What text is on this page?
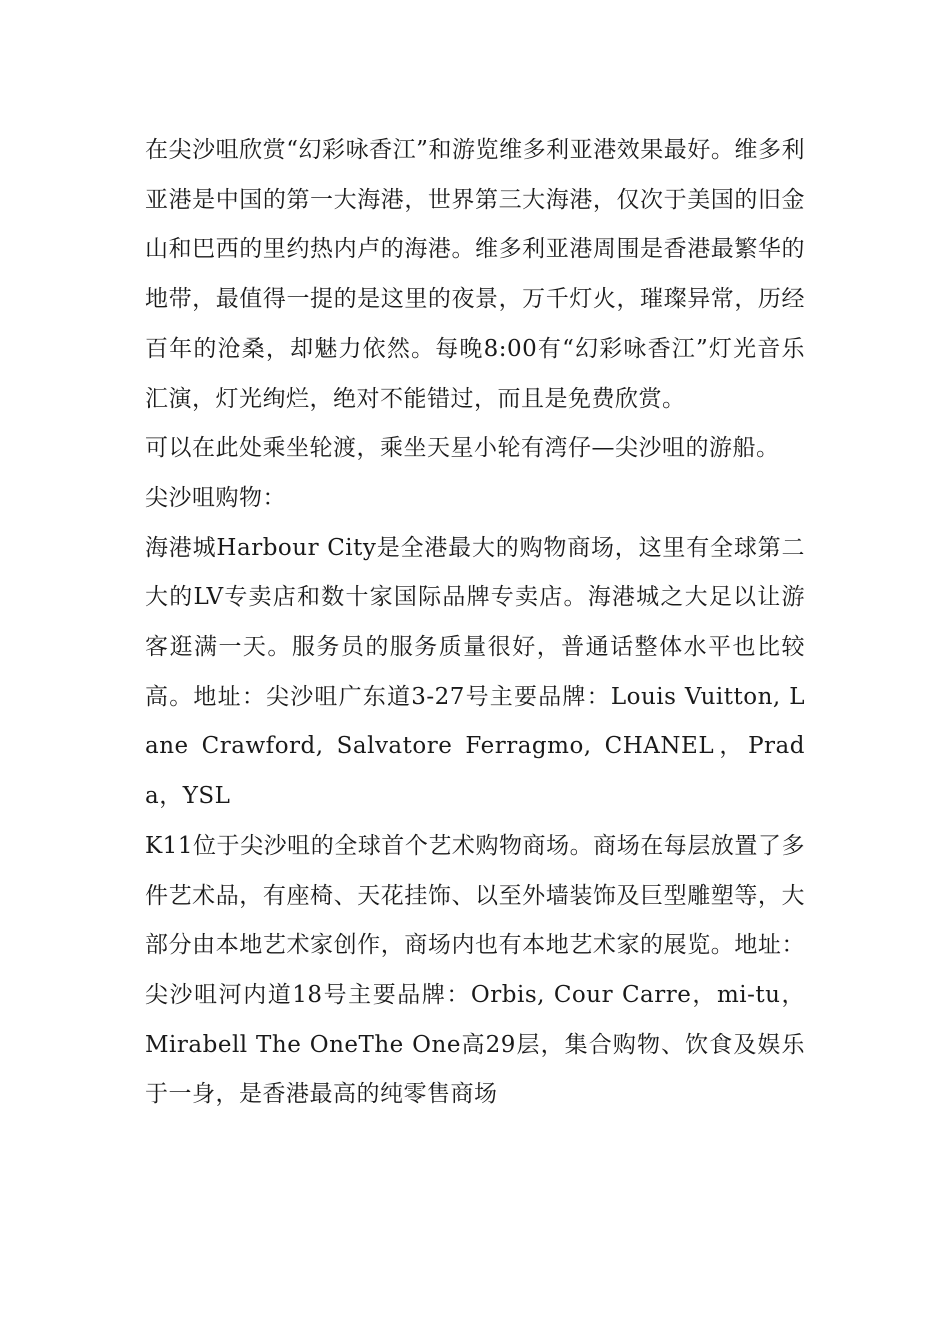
在尖沙咀欣赏“幻彩咏香江”和游览维多利亚港效果最好。维多利亚港是中国的第一大海港，世界第三大海港，仅次于美国的旧金山和巴西的里约热内卢的海港。维多利亚港周围是香港最繁华的地带，最值得一提的是这里的夜景，万千灯火，璀璨异常，历经百年的沧桑，却魅力依然。每晚8:00有“幻彩咏香江”灯光音乐汇演，灯光绚烂，绝对不能错过，而且是免费欣赏。

可以在此处乘坐轮渡，乘坐天星小轮有湾仔—尖沙咀的游船。

尖沙咀购物：

海港城Harbour City是全港最大的购物商场，这里有全球第二大的LV专卖店和数十家国际品牌专卖店。海港城之大足以让游客逛满一天。服务员的服务质量很好，普通话整体水平也比较高。地址：尖沙咀广东道3-27号主要品牌：Louis Vuitton, Lane Crawford, Salvatore Ferragmo, CHANEL，Prada，YSL

K11位于尖沙咀的全球首个艺术购物商场。商场在每层放置了多件艺术品，有座椅、天花挂饰、以至外墙装饰及巨型雕塑等，大部分由本地艺术家创作，商场内也有本地艺术家的展览。地址：尖沙咀河内道18号主要品牌：Orbis, Cour Carre，mi-tu，Mirabell The OneThe One高29层，集合购物、饮食及娱乐于一身，是香港最高的纯零售商场
